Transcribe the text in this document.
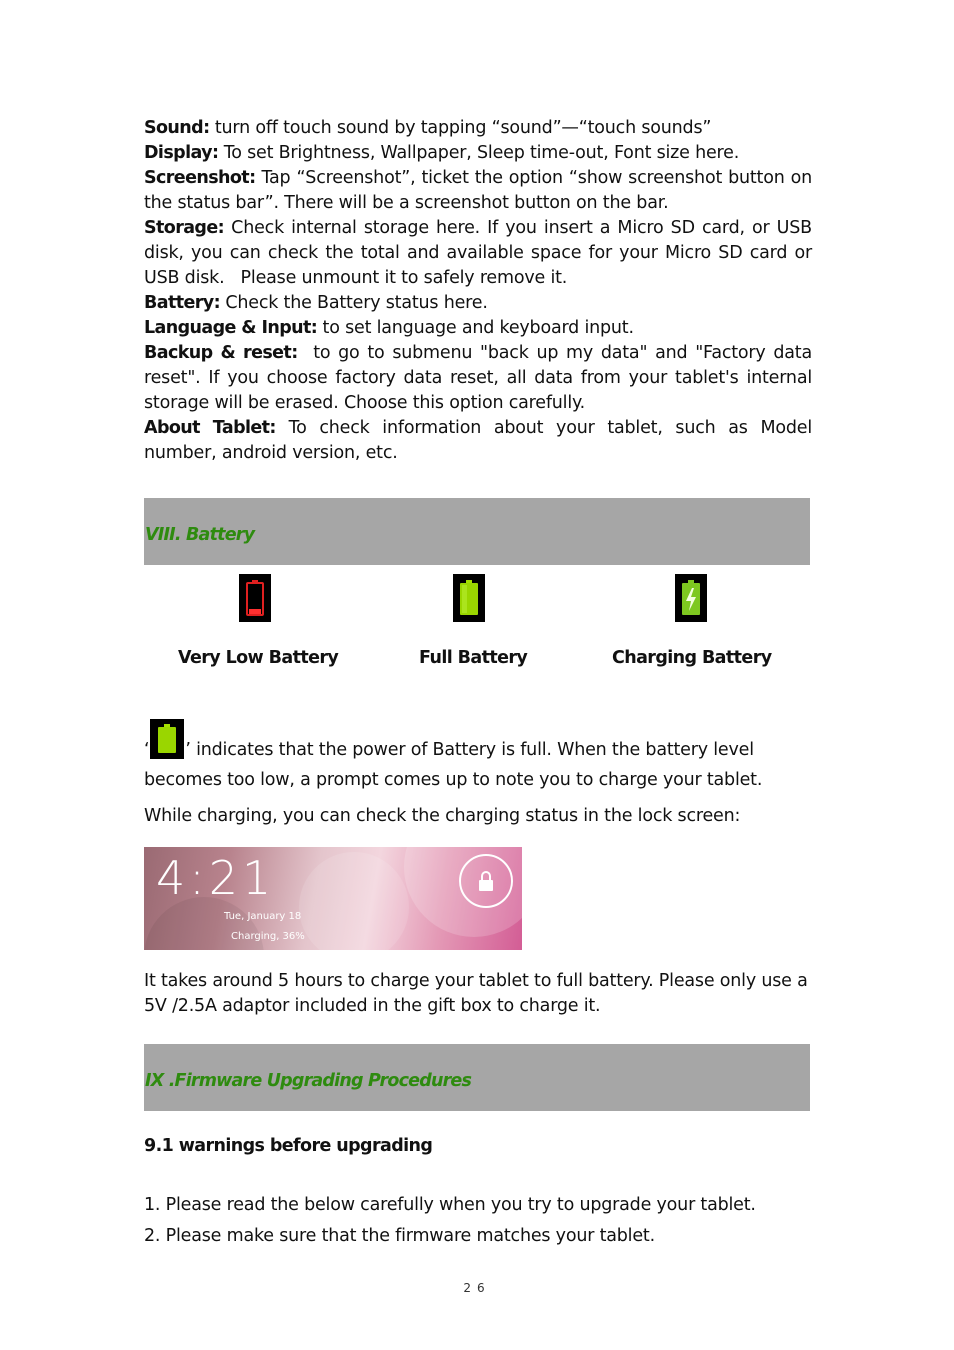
Sound: turn off touch sound by tapping “sound”—“touch sounds”
Display: To set Brightness, Wallpaper, Sleep time-out, Font size here.
Screenshot: Tap “Screenshot”, ticket the option “show screenshot button on the status bar”. There will be a screenshot button on the bar.
Storage: Check internal storage here. If you insert a Micro SD card, or USB disk, you can check the total and available space for your Micro SD card or USB disk.   Please unmount it to safely remove it.
Battery: Check the Battery status here.
Language & Input: to set language and keyboard input.
Backup & reset:  to go to submenu "back up my data" and "Factory data reset". If you choose factory data reset, all data from your tablet's internal storage will be erased. Choose this option carefully.
About Tablet: To check information about your tablet, such as Model number, android version, etc.
VIII. Battery
Very Low Battery	Full Battery	Charging Battery
‘ ’ indicates that the power of Battery is full. When the battery level becomes too low, a prompt comes up to note you to charge your tablet.
While charging, you can check the charging status in the lock screen:
4:21
Tue, January 18
Charging, 36%
It takes around 5 hours to charge your tablet to full battery. Please only use a 5V /2.5A adaptor included in the gift box to charge it.
IX .Firmware Upgrading Procedures
9.1 warnings before upgrading
1. Please read the below carefully when you try to upgrade your tablet.
2. Please make sure that the firmware matches your tablet.
26
